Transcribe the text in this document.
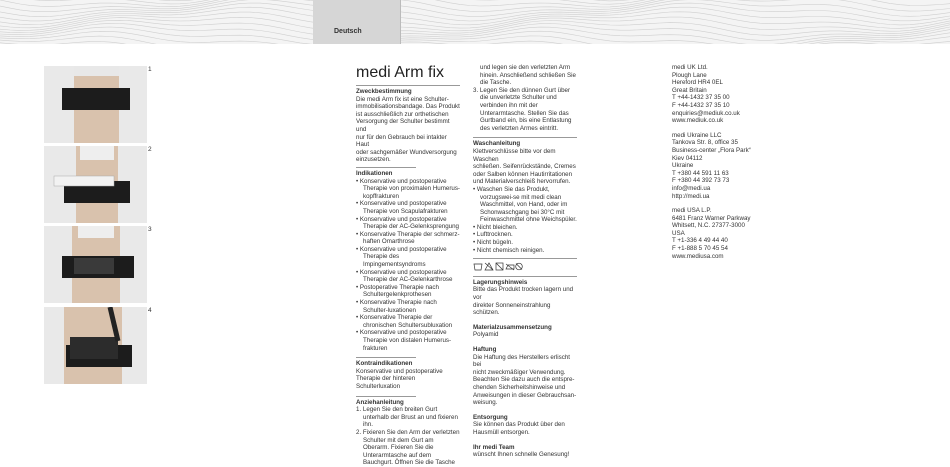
Deutsch
1
2
3
4
medi Arm fix
Zweckbestimmung

Die medi Arm fix ist eine Schulter-

immobilisationsbandage. Das Produkt

ist ausschließlich zur orthetischen

Versorgung der Schulter bestimmt und

nur für den Gebrauch bei intakter Haut

oder sachgemäßer Wundversorgung

einzusetzen.

Indikationen
• Konservative und postoperative Therapie von proximalen Humerus-kopffrakturen
• Konservative und postoperative Therapie von Scapulafrakturen
• Konservative und postoperative Therapie der AC-Gelenksprengung
• Konservative Therapie der schmerz-haften Omarthrose
• Konservative und postoperative Therapie des Impingementsyndroms
• Konservative und postoperative Therapie der AC-Gelenkarthrose
• Postoperative Therapie nach Schultergelenkprothesen
• Konservative Therapie nach Schulter-luxationen
• Konservative Therapie der chronischen Schultersubluxation
• Konservative und postoperative Therapie von distalen Humerus-frakturen
Kontraindikationen

Konservative und postoperative

Therapie der hinteren Schulterluxation

Anziehanleitung
1. Legen Sie den breiten Gurt unterhalb der Brust an und fixieren ihn.
2. Fixieren Sie den Arm der verletzten Schulter mit dem Gurt am Oberarm. Fixieren Sie die Unterarmtasche auf dem Bauchgurt. Öffnen Sie die Tasche

und legen sie den verletzten Arm hinein. Anschließend schließen Sie die Tasche.

3. Legen Sie den dünnen Gurt über die unverletzte Schulter und verbinden ihn mit der Unterarmtasche. Stellen Sie das Gurtband ein, bis eine Entlastung des verletzten Armes eintritt.
Waschanleitung

Klettverschlüsse bitte vor dem Waschen

schließen. Seifenrückstände, Cremes

oder Salben können Hautirritationen

und Materialverschleiß hervorrufen.

• Waschen Sie das Produkt, vorzugswei-se mit medi clean Waschmittel, von Hand, oder im Schonwaschgang bei 30°C mit Feinwaschmittel ohne Weichspüler.
• Nicht bleichen.
• Lufttrocknen.
• Nicht bügeln.
• Nicht chemisch reinigen.
Lagerungshinweis

Bitte das Produkt trocken lagern und vor

direkter Sonneneinstrahlung schützen.

Materialzusammensetzung

Polyamid

Haftung

Die Haftung des Herstellers erlischt bei

nicht zweckmäßiger Verwendung.

Beachten Sie dazu auch die entspre-

chenden Sicherheitshinweise und

Anweisungen in dieser Gebrauchsan-

weisung.

Entsorgung

Sie können das Produkt über den

Hausmüll entsorgen.

Ihr medi Team

wünscht Ihnen schnelle Genesung!

medi UK Ltd.

Plough Lane

Hereford HR4 0EL

Great Britain

T +44-1432 37 35 00

F +44-1432 37 35 10

enquiries@mediuk.co.uk

www.mediuk.co.uk

medi Ukraine LLC

Tankova Str. 8, office 35

Business-center „Flora Park“

Kiev 04112

Ukraine

T +380 44 591 11 63

F +380 44 392 73 73

info@medi.ua

http://medi.ua

medi USA L.P.

6481 Franz Warner Parkway

Whitsett, N.C. 27377-3000

USA

T +1-336 4 49 44 40

F +1-888 5 70 45 54

www.mediusa.com
